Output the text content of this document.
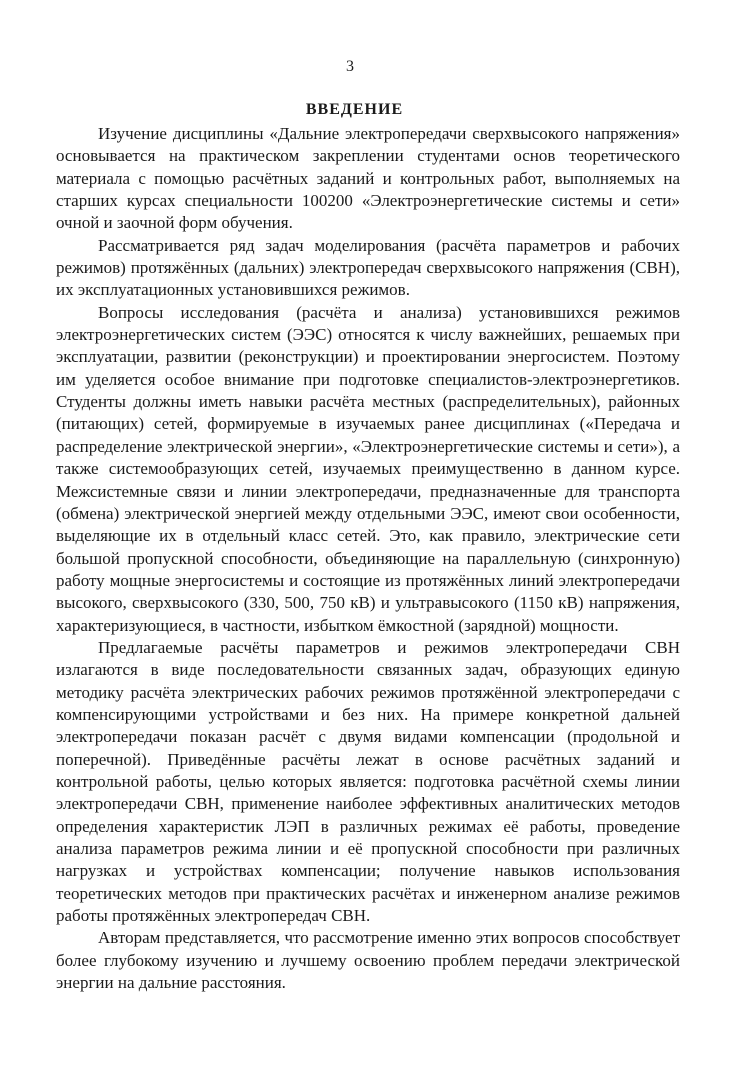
3
ВВЕДЕНИЕ

Изучение дисциплины «Дальние электропередачи сверхвысокого напряжения» основывается на практическом закреплении студентами основ теоретического материала с помощью расчётных заданий и контрольных работ, выполняемых на старших курсах специальности 100200 «Электроэнергетические системы и сети» очной и заочной форм обучения.

Рассматривается ряд задач моделирования (расчёта параметров и рабочих режимов) протяжённых (дальних) электропередач сверхвысокого напряжения (СВН), их эксплуатационных установившихся режимов.

Вопросы исследования (расчёта и анализа) установившихся режимов электроэнергетических систем (ЭЭС) относятся к числу важнейших, решаемых при эксплуатации, развитии (реконструкции) и проектировании энергосистем. Поэтому им уделяется особое внимание при подготовке специалистов-электроэнергетиков. Студенты должны иметь навыки расчёта местных (распределительных), районных (питающих) сетей, формируемые в изучаемых ранее дисциплинах («Передача и распределение электрической энергии», «Электроэнергетические системы и сети»), а также системообразующих сетей, изучаемых преимущественно в данном курсе. Межсистемные связи и линии электропередачи, предназначенные для транспорта (обмена) электрической энергией между отдельными ЭЭС, имеют свои особенности, выделяющие их в отдельный класс сетей. Это, как правило, электрические сети большой пропускной способности, объединяющие на параллельную (синхронную) работу мощные энергосистемы и состоящие из протяжённых линий электропередачи высокого, сверхвысокого (330, 500, 750 кВ) и ультравысокого (1150 кВ) напряжения, характеризующиеся, в частности, избытком ёмкостной (зарядной) мощности.

Предлагаемые расчёты параметров и режимов электропередачи СВН излагаются в виде последовательности связанных задач, образующих единую методику расчёта электрических рабочих режимов протяжённой электропередачи с компенсирующими устройствами и без них. На примере конкретной дальней электропередачи показан расчёт с двумя видами компенсации (продольной и поперечной). Приведённые расчёты лежат в основе расчётных заданий и контрольной работы, целью которых является: подготовка расчётной схемы линии электропередачи СВН, применение наиболее эффективных аналитических методов определения характеристик ЛЭП в различных режимах её работы, проведение анализа параметров режима линии и её пропускной способности при различных нагрузках и устройствах компенсации; получение навыков использования теоретических методов при практических расчётах и инженерном анализе режимов работы протяжённых электропередач СВН.

Авторам представляется, что рассмотрение именно этих вопросов способствует более глубокому изучению и лучшему освоению проблем передачи электрической энергии на дальние расстояния.
